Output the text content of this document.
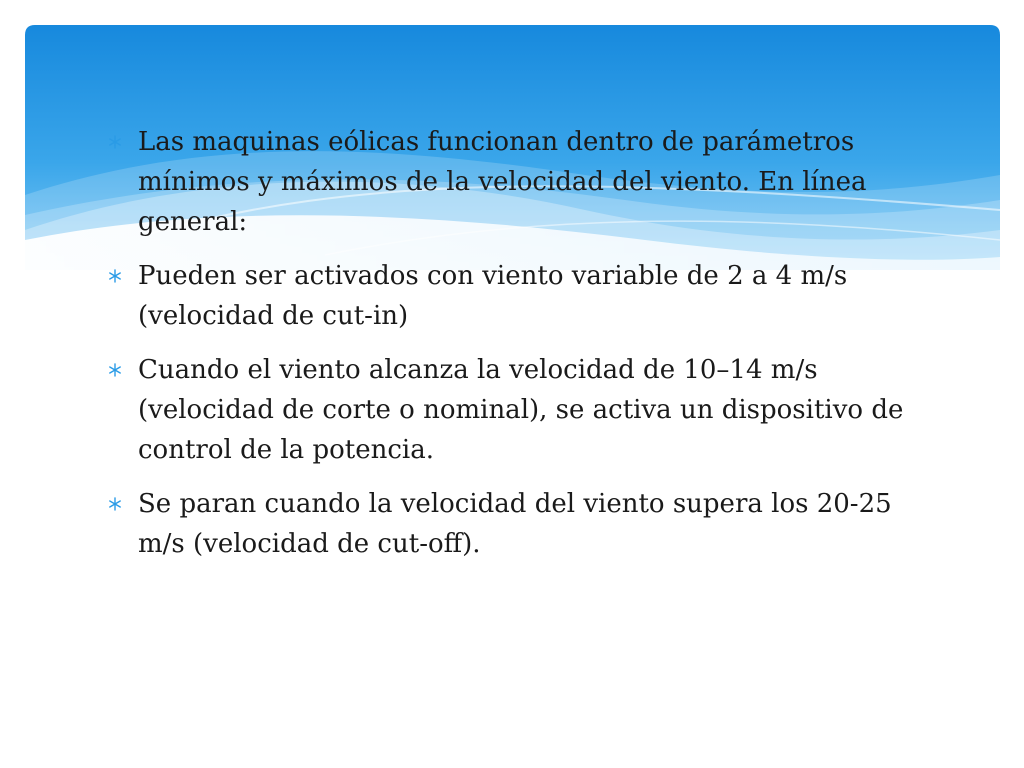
Las maquinas eólicas funcionan dentro de parámetros mínimos y máximos de la velocidad del viento. En línea general:
Pueden ser activados con viento variable de 2 a 4 m/s (velocidad de cut-in)
Cuando el viento alcanza la velocidad de 10–14 m/s (velocidad de corte o nominal), se activa un dispositivo de control de la potencia.
Se paran cuando la velocidad del viento supera los 20-25 m/s (velocidad de cut-off).
